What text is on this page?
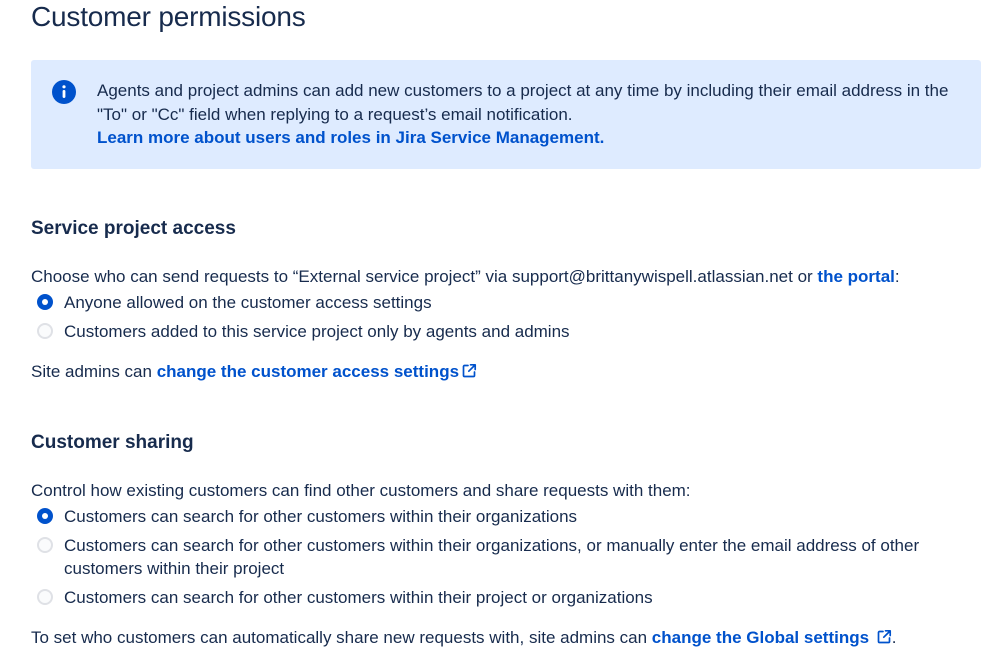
Customer permissions
Agents and project admins can add new customers to a project at any time by including their email address in the "To" or "Cc" field when replying to a request’s email notification.
Learn more about users and roles in Jira Service Management.
Service project access
Choose who can send requests to “External service project” via support@brittanywispell.atlassian.net or the portal:
Anyone allowed on the customer access settings
Customers added to this service project only by agents and admins
Site admins can change the customer access settings
Customer sharing
Control how existing customers can find other customers and share requests with them:
Customers can search for other customers within their organizations
Customers can search for other customers within their organizations, or manually enter the email address of other customers within their project
Customers can search for other customers within their project or organizations
To set who customers can automatically share new requests with, site admins can change the Global settings .
